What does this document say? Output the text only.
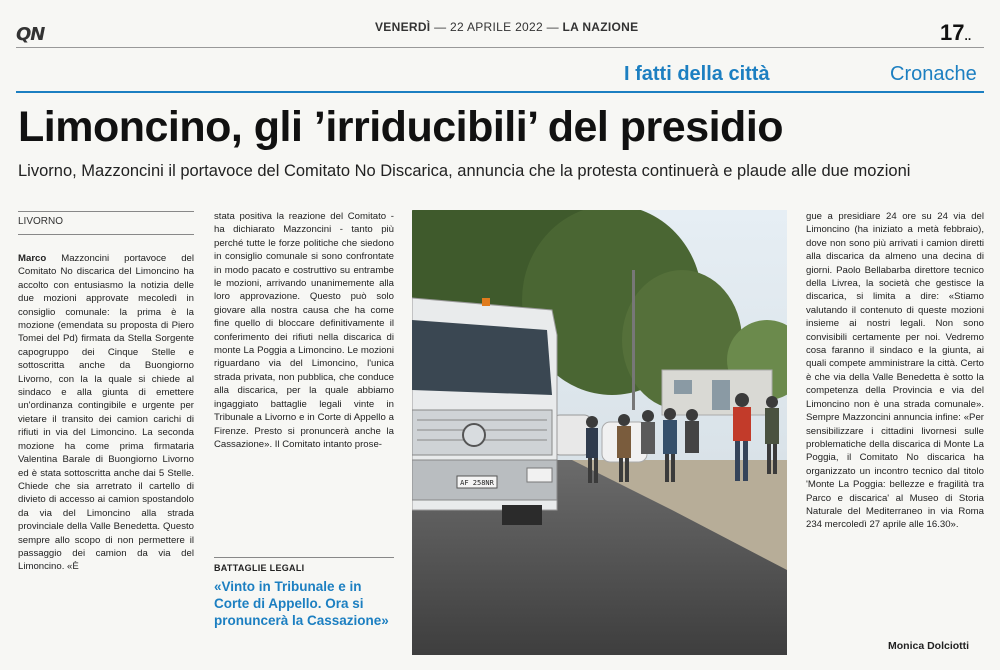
QN	VENERDÌ — 22 APRILE 2022 — LA NAZIONE	17..
I fatti della città	Cronache
Limoncino, gli ’irriducibili’ del presidio
Livorno, Mazzoncini il portavoce del Comitato No Discarica, annuncia che la protesta continuerà e plaude alle due mozioni
LIVORNO
Marco Mazzoncini portavoce del Comitato No discarica del Limoncino ha accolto con entusiasmo la notizia delle due mozioni approvate mecoledì in consiglio comunale: la prima è la mozione (emendata su proposta di Piero Tomei del Pd) firmata da Stella Sorgente capogruppo dei Cinque Stelle e sottoscritta anche da Buongiorno Livorno, con la la quale si chiede al sindaco e alla giunta di emettere un'ordinanza contingibile e urgente per vietare il transito dei camion carichi di rifiuti in via del Limoncino. La seconda mozione ha come prima firmataria Valentina Barale di Buongiorno Livorno ed è stata sottoscritta anche dai 5 Stelle. Chiede che sia arretrato il cartello di divieto di accesso ai camion spostandolo da via del Limoncino alla strada provinciale della Valle Benedetta. Questo sempre allo scopo di non permettere il passaggio dei camion da via del Limoncino. «È
stata positiva la reazione del Comitato - ha dichiarato Mazzoncini - tanto più perché tutte le forze politiche che siedono in consiglio comunale si sono confrontate in modo pacato e costruttivo su entrambe le mozioni, arrivando unanimemente alla loro approvazione. Questo può solo giovare alla nostra causa che ha come fine quello di bloccare definitivamente il conferimento dei rifiuti nella discarica di monte La Poggia a Limoncino. Le mozioni riguardano via del Limoncino, l'unica strada privata, non pubblica, che conduce alla discarica, per la quale abbiamo ingaggiato battaglie legali vinte in Tribunale a Livorno e in Corte di Appello a Firenze. Presto si pronuncerà anche la Cassazione». Il Comitato intanto prose-
BATTAGLIE LEGALI
«Vinto in Tribunale e in Corte di Appello. Ora si pronuncerà la Cassazione»
AF 258NR
gue a presidiare 24 ore su 24 via del Limoncino (ha iniziato a metà febbraio), dove non sono più arrivati i camion diretti alla discarica da almeno una decina di giorni. Paolo Bellabarba direttore tecnico della Livrea, la società che gestisce la discarica, si limita a dire: «Stiamo valutando il contenuto di queste mozioni insieme ai nostri legali. Non sono convisibili certamente per noi. Vedremo cosa faranno il sindaco e la giunta, ai quali compete amministrare la città. Certo è che via della Valle Benedetta è sotto la competenza della Provincia e via del Limoncino non è una strada comunale». Sempre Mazzoncini annuncia infine: «Per sensibilizzare i cittadini livornesi sulle problematiche della discarica di Monte La Poggia, il Comitato No discarica ha organizzato un incontro tecnico dal titolo 'Monte La Poggia: bellezze e fragilità tra Parco e discarica' al Museo di Storia Naturale del Mediterraneo in via Roma 234 mercoledì 27 aprile alle 16.30».
Monica Dolciotti
